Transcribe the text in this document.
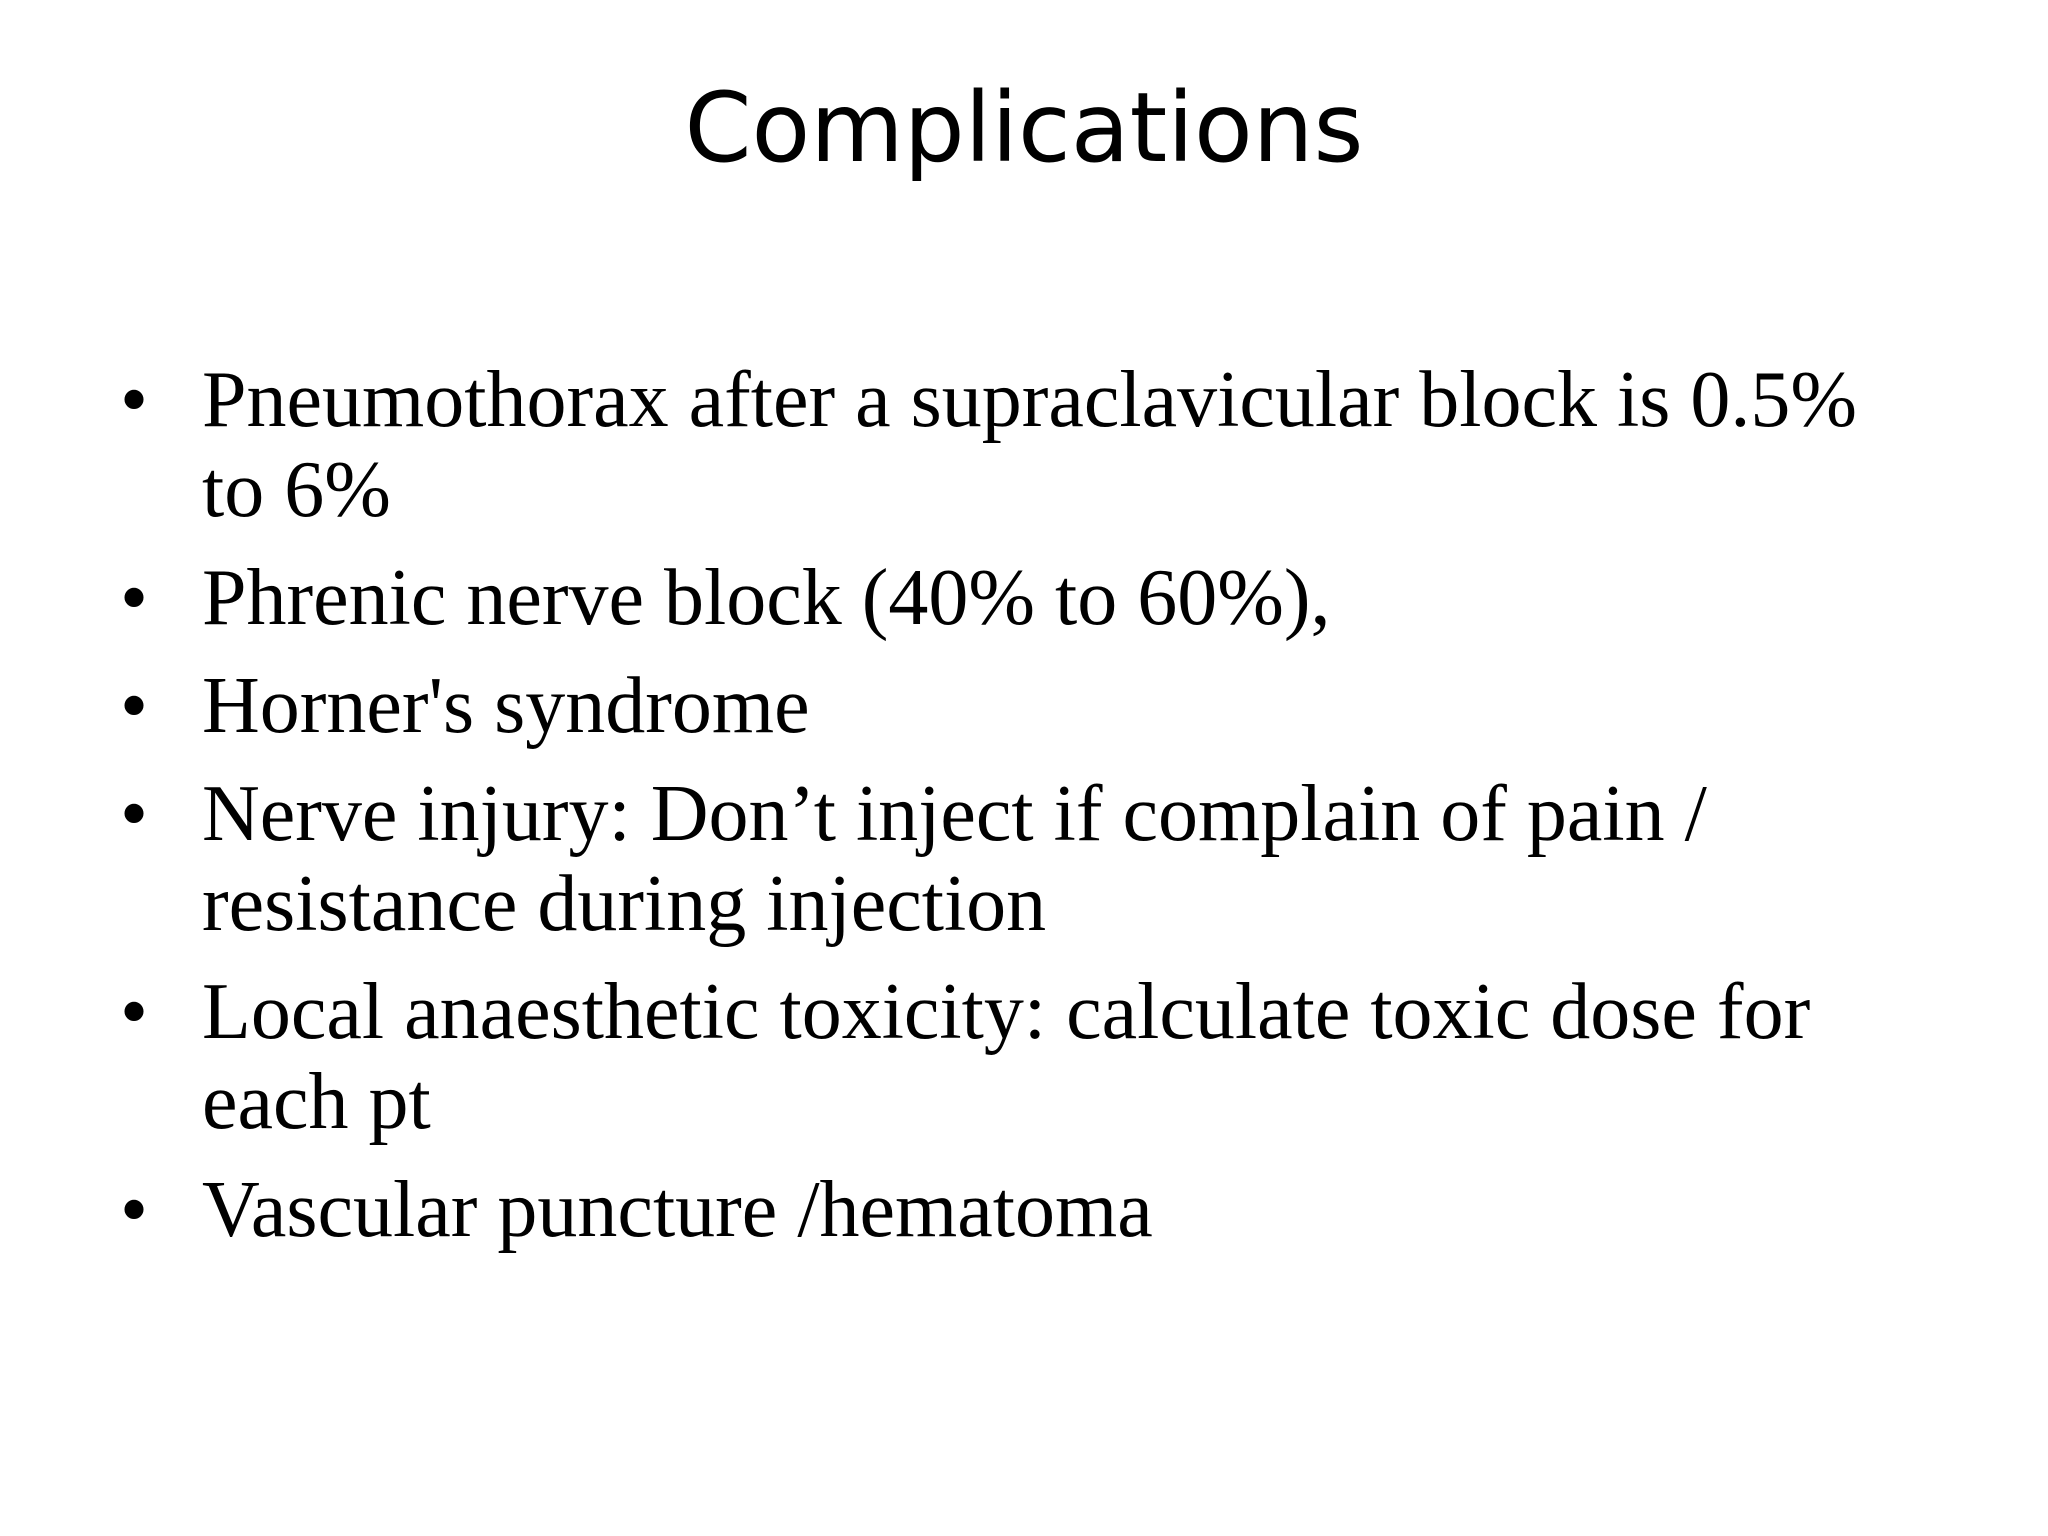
Complications
• Pneumothorax after a supraclavicular block is 0.5% to 6%
• Phrenic nerve block (40% to 60%),
• Horner's syndrome
• Nerve injury: Don’t inject if complain of pain / resistance during injection
• Local anaesthetic toxicity: calculate toxic dose for each pt
• Vascular puncture /hematoma
